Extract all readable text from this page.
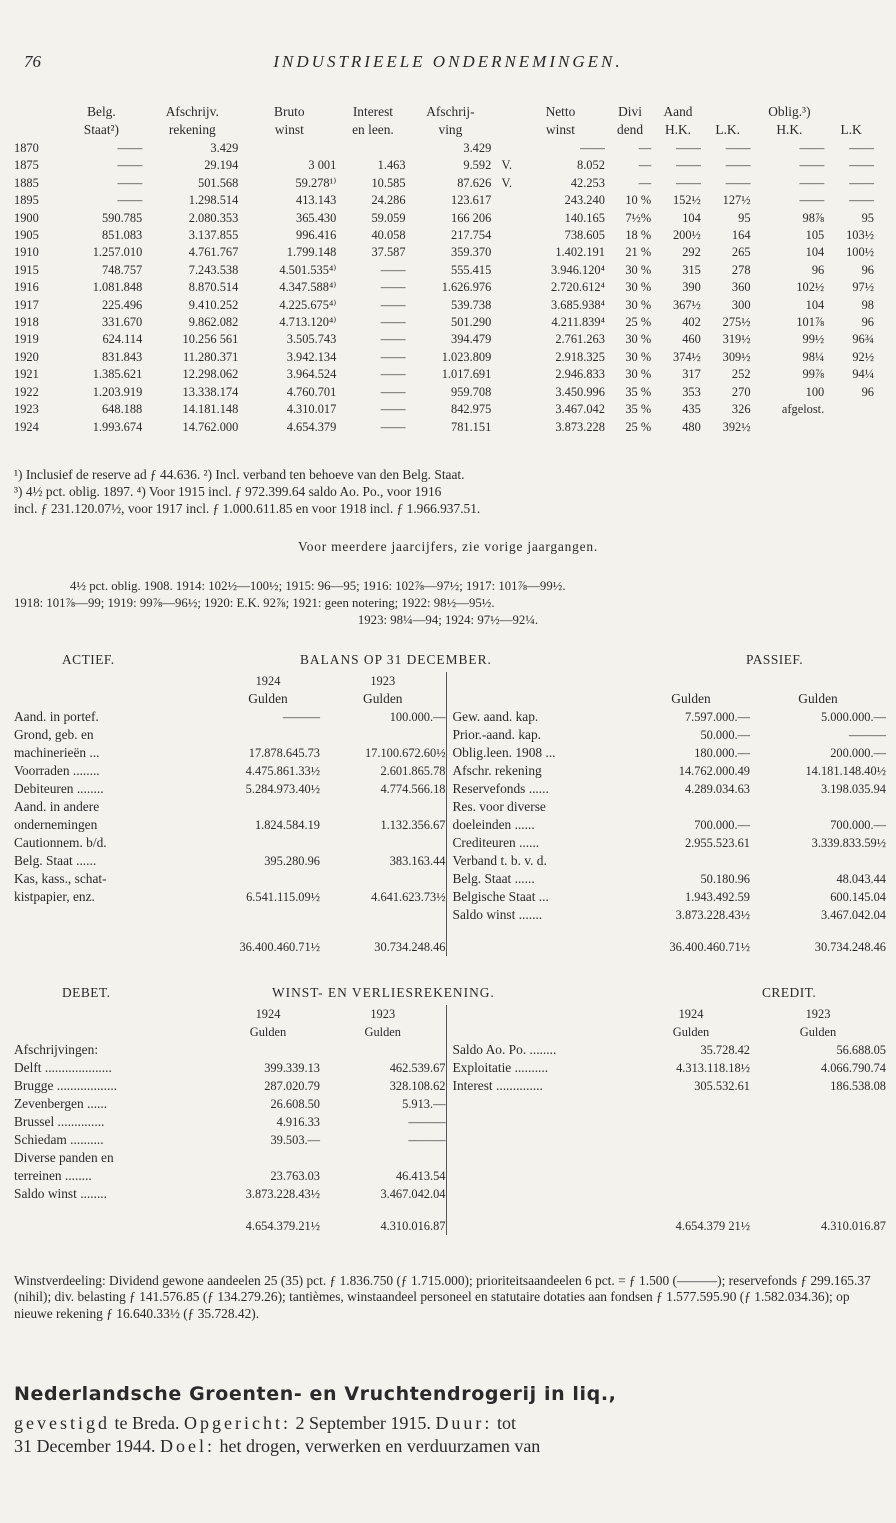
76	INDUSTRIEELE ONDERNEMINGEN.
	Belg.	Afschrijv.	Bruto	Interest	Afschrij-		Netto	Divi	Aand		Oblig.³)	
	Staat²)	rekening	winst	en leen.	ving		winst	dend	H.K.	L.K.	H.K.	L.K
1870	——	3.429			3.429		——	—	——	——	——	——
1875	——	29.194	3 001	1.463	9.592	V.	8.052	—	——	——	——	——
1885	——	501.568	59.278¹⁾	10.585	87.626	V.	42.253	—	——	——	——	——
1895	——	1.298.514	413.143	24.286	123.617		243.240	10 %	152½	127½	——	——
1900	590.785	2.080.353	365.430	59.059	166 206		140.165	7½%	104	95	98⅞	95
1905	851.083	3.137.855	996.416	40.058	217.754		738.605	18 %	200½	164	105	103½
1910	1.257.010	4.761.767	1.799.148	37.587	359.370		1.402.191	21 %	292	265	104	100½
1915	748.757	7.243.538	4.501.535⁴⁾	——	555.415		3.946.120⁴	30 %	315	278	96	96
1916	1.081.848	8.870.514	4.347.588⁴⁾	——	1.626.976		2.720.612⁴	30 %	390	360	102½	97½
1917	225.496	9.410.252	4.225.675⁴⁾	——	539.738		3.685.938⁴	30 %	367½	300	104	98
1918	331.670	9.862.082	4.713.120⁴⁾	——	501.290		4.211.839⁴	25 %	402	275½	101⅞	96
1919	624.114	10.256 561	3.505.743	——	394.479		2.761.263	30 %	460	319½	99½	96¾
1920	831.843	11.280.371	3.942.134	——	1.023.809		2.918.325	30 %	374½	309½	98¼	92½
1921	1.385.621	12.298.062	3.964.524	——	1.017.691		2.946.833	30 %	317	252	99⅞	94¼
1922	1.203.919	13.338.174	4.760.701	——	959.708		3.450.996	35 %	353	270	100	96
1923	648.188	14.181.148	4.310.017	——	842.975		3.467.042	35 %	435	326	afgelost.	
1924	1.993.674	14.762.000	4.654.379	——	781.151		3.873.228	25 %	480	392½		
¹) Inclusief de reserve ad ƒ 44.636. ²) Incl. verband ten behoeve van den Belg. Staat.
³) 4½ pct. oblig. 1897. ⁴) Voor 1915 incl. ƒ 972.399.64 saldo Ao. Po., voor 1916
incl. ƒ 231.120.07½, voor 1917 incl. ƒ 1.000.611.85 en voor 1918 incl. ƒ 1.966.937.51.
Voor meerdere jaarcijfers, zie vorige jaargangen.
4½ pct. oblig. 1908. 1914: 102½—100½; 1915: 96—95; 1916: 102⅞—97½; 1917: 101⅞—99½.
1918: 101⅞—99; 1919: 99⅞—96½; 1920: E.K. 92⅞; 1921: geen notering; 1922: 98½—95½.
1923: 98¼—94; 1924: 97½—92¼.
ACTIEF.	BALANS OP 31 DECEMBER.	PASSIEF.
	1924	1923			
	Gulden	Gulden		Gulden	Gulden
Aand. in portef.	———	100.000.—	Gew. aand. kap.	7.597.000.—	5.000.000.—
Grond, geb. en			Prior.-aand. kap.	50.000.—	———
machinerieën ...	17.878.645.73	17.100.672.60½	Oblig.leen. 1908 ...	180.000.—	200.000.—
Voorraden ........	4.475.861.33½	2.601.865.78	Afschr. rekening	14.762.000.49	14.181.148.40½
Debiteuren ........	5.284.973.40½	4.774.566.18	Reservefonds ......	4.289.034.63	3.198.035.94
Aand. in andere			Res. voor diverse		
ondernemingen	1.824.584.19	1.132.356.67	doeleinden ......	700.000.—	700.000.—
Cautionnem. b/d.			Crediteuren ......	2.955.523.61	3.339.833.59½
Belg. Staat ......	395.280.96	383.163.44	Verband t. b. v. d.		
Kas, kass., schat-			Belg. Staat ......	50.180.96	48.043.44
kistpapier, enz.	6.541.115.09½	4.641.623.73½	Belgische Staat ...	1.943.492.59	600.145.04
			Saldo winst .......	3.873.228.43½	3.467.042.04
	36.400.460.71½	30.734.248.46		36.400.460.71½	30.734.248.46
DEBET.	WINST- EN VERLIESREKENING.	CREDIT.
	1924	1923		1924	1923
	Gulden	Gulden		Gulden	Gulden
Afschrijvingen:			Saldo Ao. Po. ........	35.728.42	56.688.05
Delft ....................	399.339.13	462.539.67	Exploitatie ..........	4.313.118.18½	4.066.790.74
Brugge ..................	287.020.79	328.108.62	Interest ..............	305.532.61	186.538.08
Zevenbergen ......	26.608.50	5.913.—			
Brussel ..............	4.916.33	———			
Schiedam ..........	39.503.—	———			
Diverse panden en					
terreinen ........	23.763.03	46.413.54			
Saldo winst ........	3.873.228.43½	3.467.042.04			
	4.654.379.21½	4.310.016.87		4.654.379 21½	4.310.016.87
Winstverdeeling: Dividend gewone aandeelen 25 (35) pct. ƒ 1.836.750 (ƒ 1.715.000); prioriteitsaandeelen 6 pct. = ƒ 1.500 (———); reservefonds ƒ 299.165.37 (nihil); div. belasting ƒ 141.576.85 (ƒ 134.279.26); tantièmes, winstaandeel personeel en statutaire dotaties aan fondsen ƒ 1.577.595.90 (ƒ 1.582.034.36); op nieuwe rekening ƒ 16.640.33½ (ƒ 35.728.42).
Nederlandsche Groenten- en Vruchtendrogerij in liq.,
gevestigd te Breda. Opgericht: 2 September 1915. Duur: tot
31 December 1944. Doel: het drogen, verwerken en verduurzamen van
